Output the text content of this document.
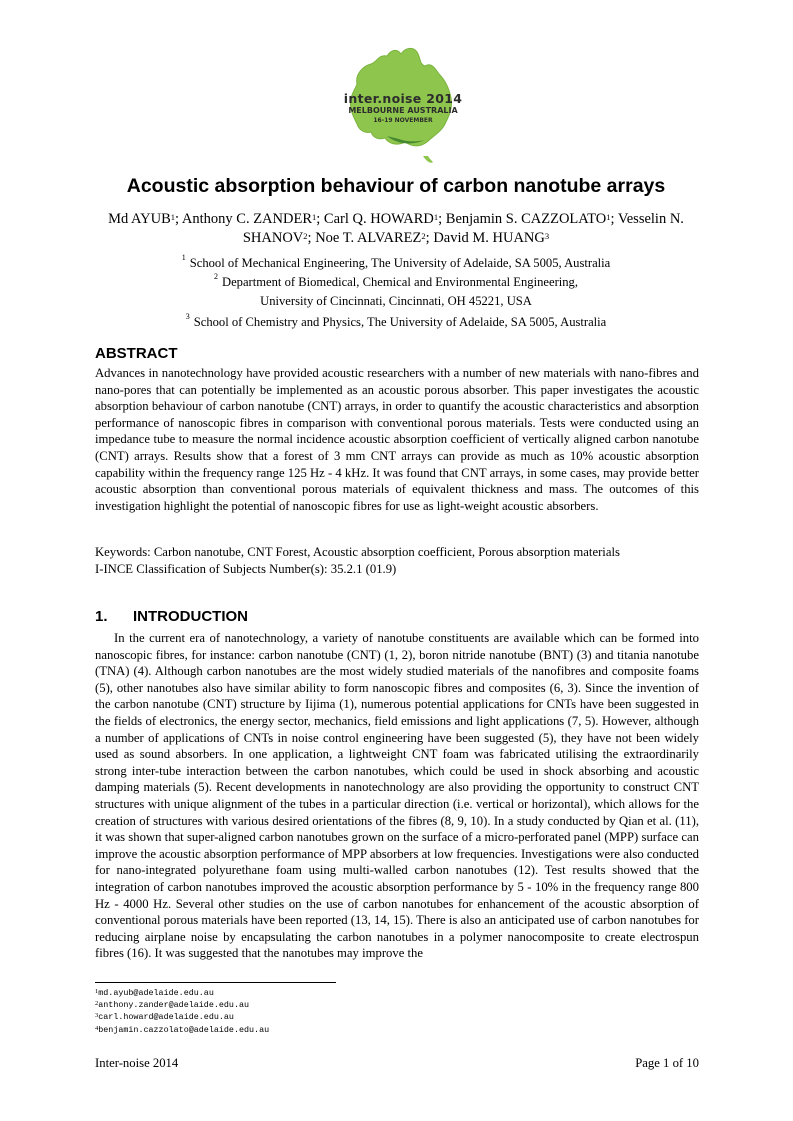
inter.noise 2014
MELBOURNE AUSTRALIA
16-19 NOVEMBER
Acoustic absorption behaviour of carbon nanotube arrays
Md AYUB$^1$; Anthony C. ZANDER$^1$; Carl Q. HOWARD$^1$; Benjamin S. CAZZOLATO$^1$; Vesselin N. SHANOV$^2$; Noe T. ALVAREZ$^2$; David M. HUANG$^3$
$^1$ School of Mechanical Engineering, The University of Adelaide, SA 5005, Australia
$^2$ Department of Biomedical, Chemical and Environmental Engineering,
University of Cincinnati, Cincinnati, OH 45221, USA
$^3$ School of Chemistry and Physics, The University of Adelaide, SA 5005, Australia
ABSTRACT
Advances in nanotechnology have provided acoustic researchers with a number of new materials with nano-fibres and nano-pores that can potentially be implemented as an acoustic porous absorber. This paper investigates the acoustic absorption behaviour of carbon nanotube (CNT) arrays, in order to quantify the acoustic characteristics and absorption performance of nanoscopic fibres in comparison with conventional porous materials. Tests were conducted using an impedance tube to measure the normal incidence acoustic absorption coefficient of vertically aligned carbon nanotube (CNT) arrays. Results show that a forest of 3 mm CNT arrays can provide as much as 10% acoustic absorption capability within the frequency range 125 Hz - 4 kHz. It was found that CNT arrays, in some cases, may provide better acoustic absorption than conventional porous materials of equivalent thickness and mass. The outcomes of this investigation highlight the potential of nanoscopic fibres for use as light-weight acoustic absorbers.
Keywords: Carbon nanotube, CNT Forest, Acoustic absorption coefficient, Porous absorption materials
I-INCE Classification of Subjects Number(s): 35.2.1 (01.9)
1. INTRODUCTION
In the current era of nanotechnology, a variety of nanotube constituents are available which can be formed into nanoscopic fibres, for instance: carbon nanotube (CNT) (1, 2), boron nitride nanotube (BNT) (3) and titania nanotube (TNA) (4). Although carbon nanotubes are the most widely studied materials of the nanofibres and composite foams (5), other nanotubes also have similar ability to form nanoscopic fibres and composites (6, 3). Since the invention of the carbon nanotube (CNT) structure by Iijima (1), numerous potential applications for CNTs have been suggested in the fields of electronics, the energy sector, mechanics, field emissions and light applications (7, 5). However, although a number of applications of CNTs in noise control engineering have been suggested (5), they have not been widely used as sound absorbers. In one application, a lightweight CNT foam was fabricated utilising the extraordinarily strong inter-tube interaction between the carbon nanotubes, which could be used in shock absorbing and acoustic damping materials (5). Recent developments in nanotechnology are also providing the opportunity to construct CNT structures with unique alignment of the tubes in a particular direction (i.e. vertical or horizontal), which allows for the creation of structures with various desired orientations of the fibres (8, 9, 10). In a study conducted by Qian et al. (11), it was shown that super-aligned carbon nanotubes grown on the surface of a micro-perforated panel (MPP) surface can improve the acoustic absorption performance of MPP absorbers at low frequencies. Investigations were also conducted for nano-integrated polyurethane foam using multi-walled carbon nanotubes (12). Test results showed that the integration of carbon nanotubes improved the acoustic absorption performance by 5 - 10% in the frequency range 800 Hz - 4000 Hz. Several other studies on the use of carbon nanotubes for enhancement of the acoustic absorption of conventional porous materials have been reported (13, 14, 15). There is also an anticipated use of carbon nanotubes for reducing airplane noise by encapsulating the carbon nanotubes in a polymer nanocomposite to create electrospun fibres (16). It was suggested that the nanotubes may improve the
$^1$md.ayub@adelaide.edu.au
$^2$anthony.zander@adelaide.edu.au
$^3$carl.howard@adelaide.edu.au
$^4$benjamin.cazzolato@adelaide.edu.au
Inter-noise 2014	Page 1 of 10
